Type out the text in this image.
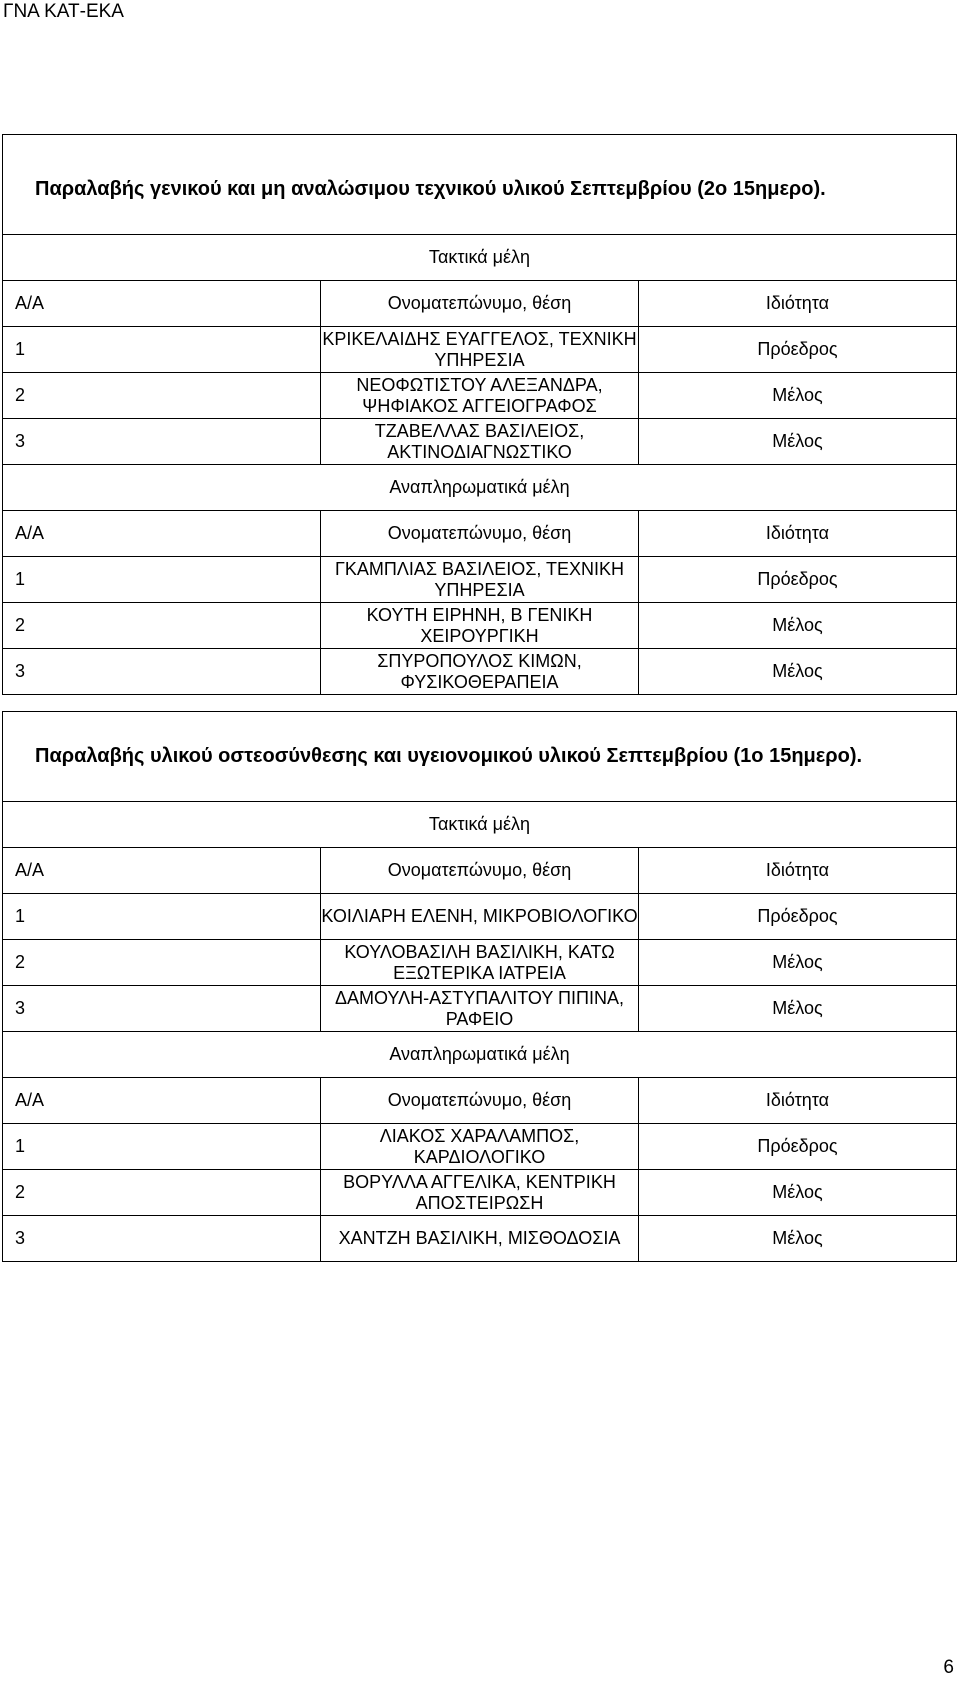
ΓΝΑ ΚΑΤ-ΕΚΑ
Παραλαβής γενικού και μη αναλώσιμου τεχνικού υλικού Σεπτεμβρίου (2ο 15ημερο).		
Τακτικά μέλη		
Α/Α	Ονοματεπώνυμο, θέση	Ιδιότητα
1	ΚΡΙΚΕΛΑΙΔΗΣ ΕΥΑΓΓΕΛΟΣ, ΤΕΧΝΙΚΗ ΥΠΗΡΕΣΙΑ	Πρόεδρος
2	ΝΕΟΦΩΤΙΣΤΟΥ ΑΛΕΞΑΝΔΡΑ, ΨΗΦΙΑΚΟΣ ΑΓΓΕΙΟΓΡΑΦΟΣ	Μέλος
3	ΤΖΑΒΕΛΛΑΣ ΒΑΣΙΛΕΙΟΣ, ΑΚΤΙΝΟΔΙΑΓΝΩΣΤΙΚΟ	Μέλος
Αναπληρωματικά μέλη		
Α/Α	Ονοματεπώνυμο, θέση	Ιδιότητα
1	ΓΚΑΜΠΛΙΑΣ ΒΑΣΙΛΕΙΟΣ, ΤΕΧΝΙΚΗ ΥΠΗΡΕΣΙΑ	Πρόεδρος
2	ΚΟΥΤΗ ΕΙΡΗΝΗ, Β ΓΕΝΙΚΗ ΧΕΙΡΟΥΡΓΙΚΗ	Μέλος
3	ΣΠΥΡΟΠΟΥΛΟΣ ΚΙΜΩΝ, ΦΥΣΙΚΟΘΕΡΑΠΕΙΑ	Μέλος
Παραλαβής υλικού οστεοσύνθεσης και υγειονομικού υλικού Σεπτεμβρίου (1ο 15ημερο).		
Τακτικά μέλη		
Α/Α	Ονοματεπώνυμο, θέση	Ιδιότητα
1	ΚΟΙΛΙΑΡΗ ΕΛΕΝΗ, ΜΙΚΡΟΒΙΟΛΟΓΙΚΟ	Πρόεδρος
2	ΚΟΥΛΟΒΑΣΙΛΗ ΒΑΣΙΛΙΚΗ, ΚΑΤΩ ΕΞΩΤΕΡΙΚΑ ΙΑΤΡΕΙΑ	Μέλος
3	ΔΑΜΟΥΛΗ-ΑΣΤΥΠΑΛΙΤΟΥ ΠΙΠΙΝΑ, ΡΑΦΕΙΟ	Μέλος
Αναπληρωματικά μέλη		
Α/Α	Ονοματεπώνυμο, θέση	Ιδιότητα
1	ΛΙΑΚΟΣ ΧΑΡΑΛΑΜΠΟΣ, ΚΑΡΔΙΟΛΟΓΙΚΟ	Πρόεδρος
2	ΒΟΡΥΛΛΑ ΑΓΓΕΛΙΚΑ, ΚΕΝΤΡΙΚΗ ΑΠΟΣΤΕΙΡΩΣΗ	Μέλος
3	ΧΑΝΤΖΗ ΒΑΣΙΛΙΚΗ, ΜΙΣΘΟΔΟΣΙΑ	Μέλος
6
